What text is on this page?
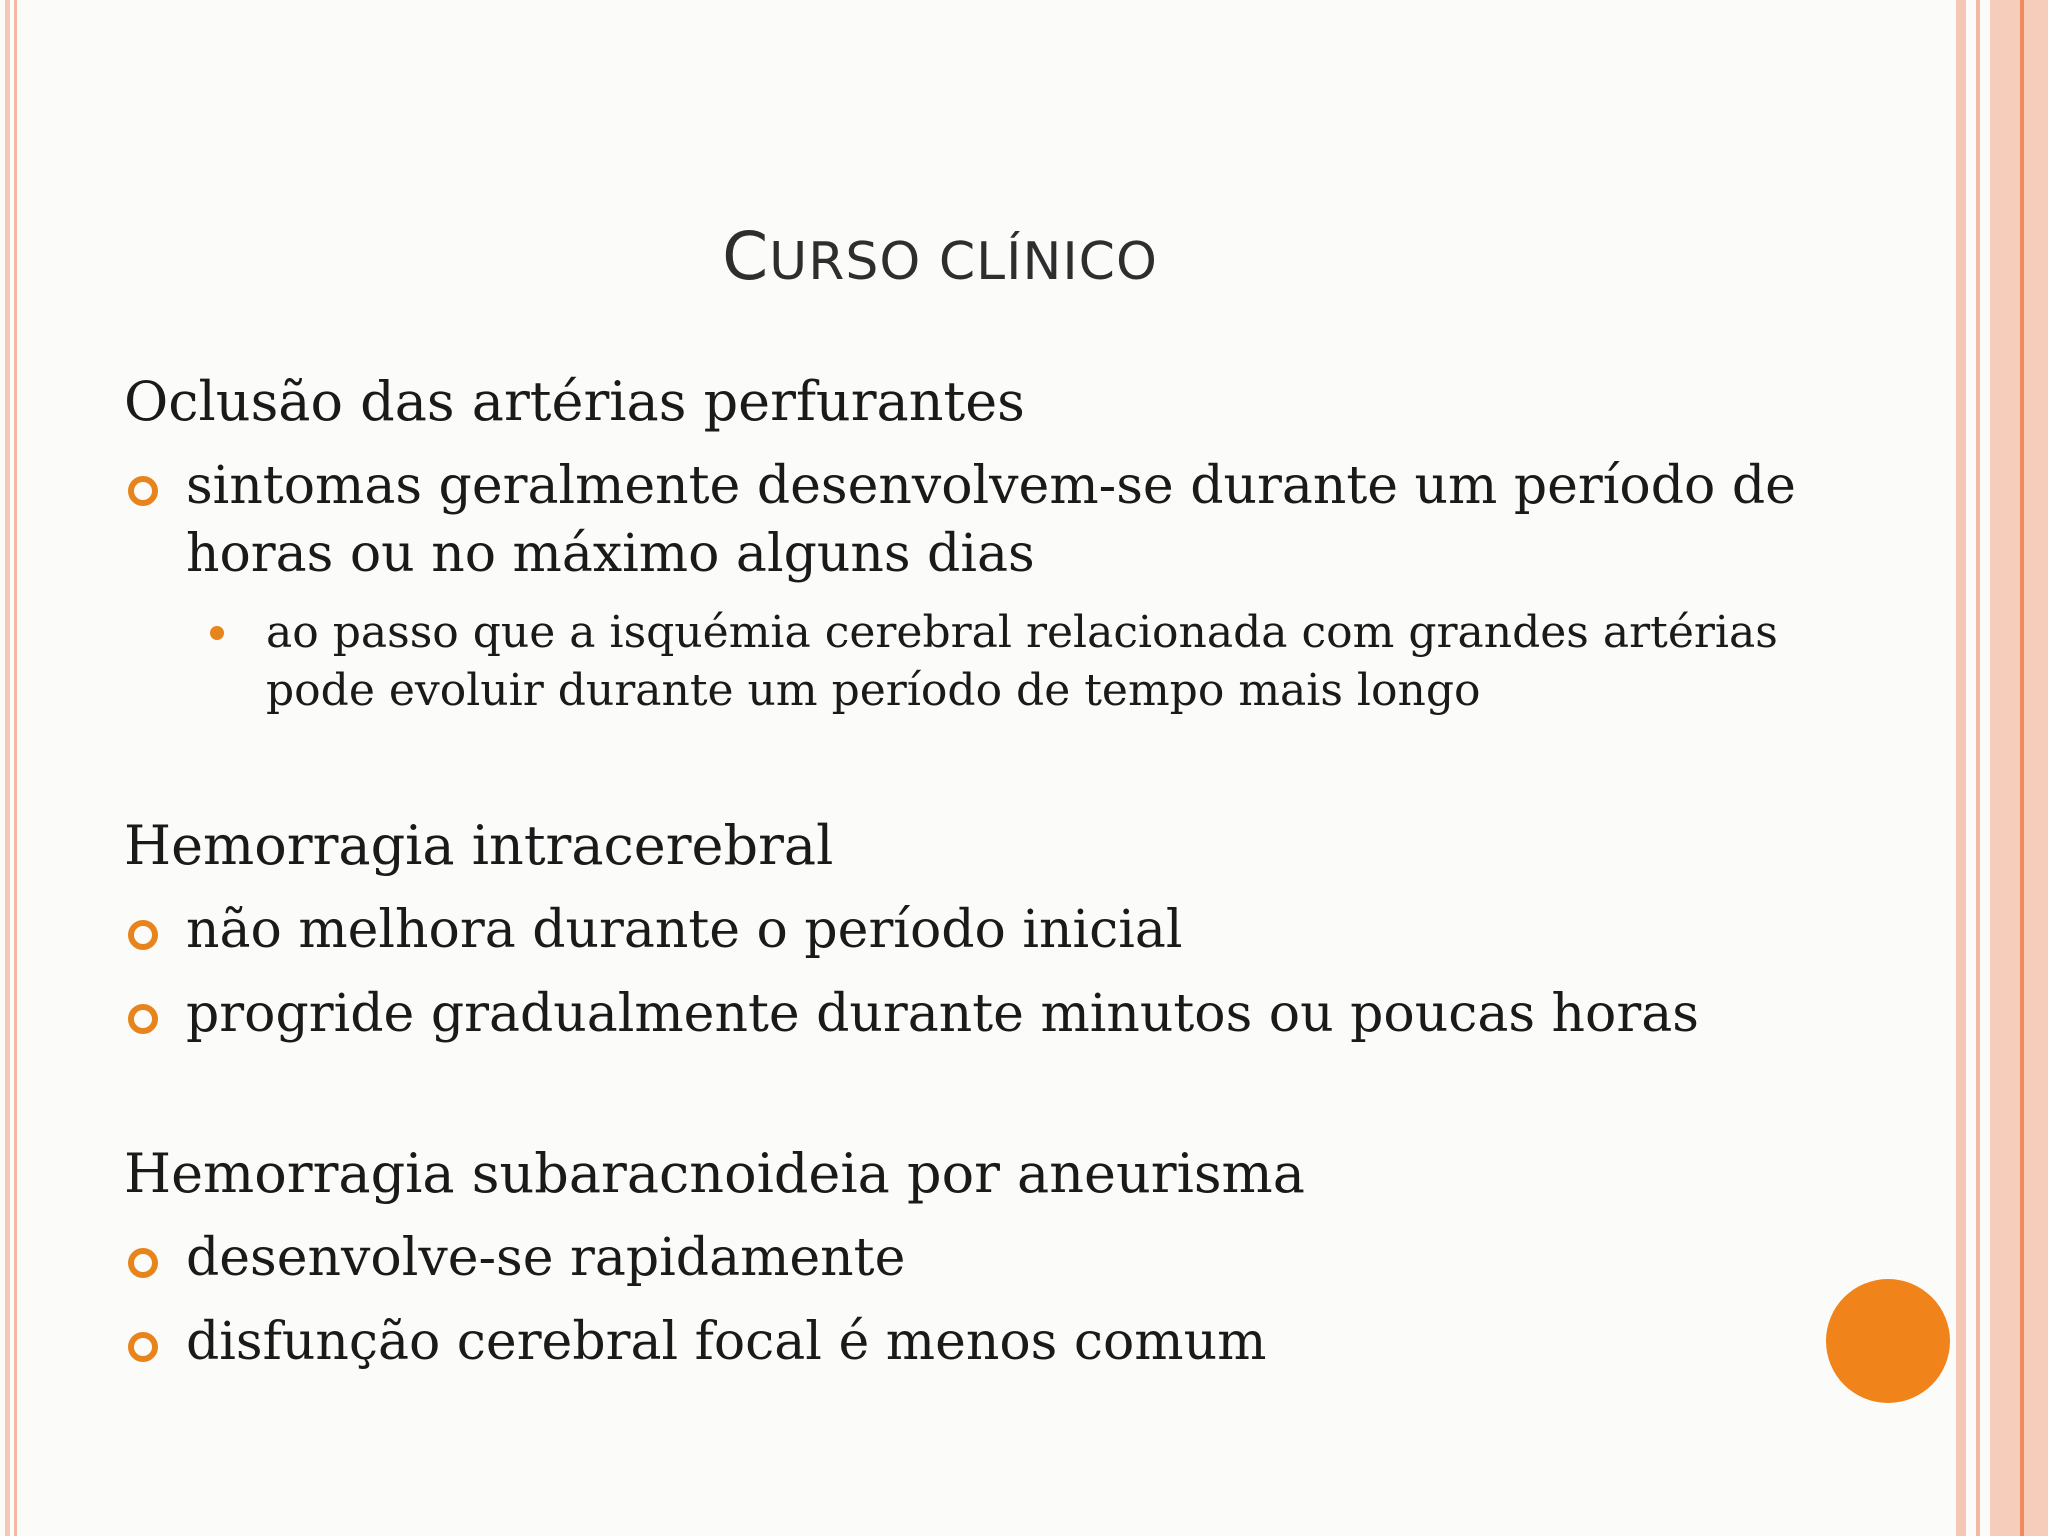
CURSO CLÍNICO

Oclusão das artérias perfurantes

sintomas geralmente desenvolvem-se durante um período de horas ou no máximo alguns dias
ao passo que a isquémia cerebral relacionada com grandes artérias pode evoluir durante um período de tempo mais longo

Hemorragia intracerebral

não melhora durante o período inicial
progride gradualmente durante minutos ou poucas horas

Hemorragia subaracnoideia por aneurisma

desenvolve-se rapidamente
disfunção cerebral focal é menos comum
